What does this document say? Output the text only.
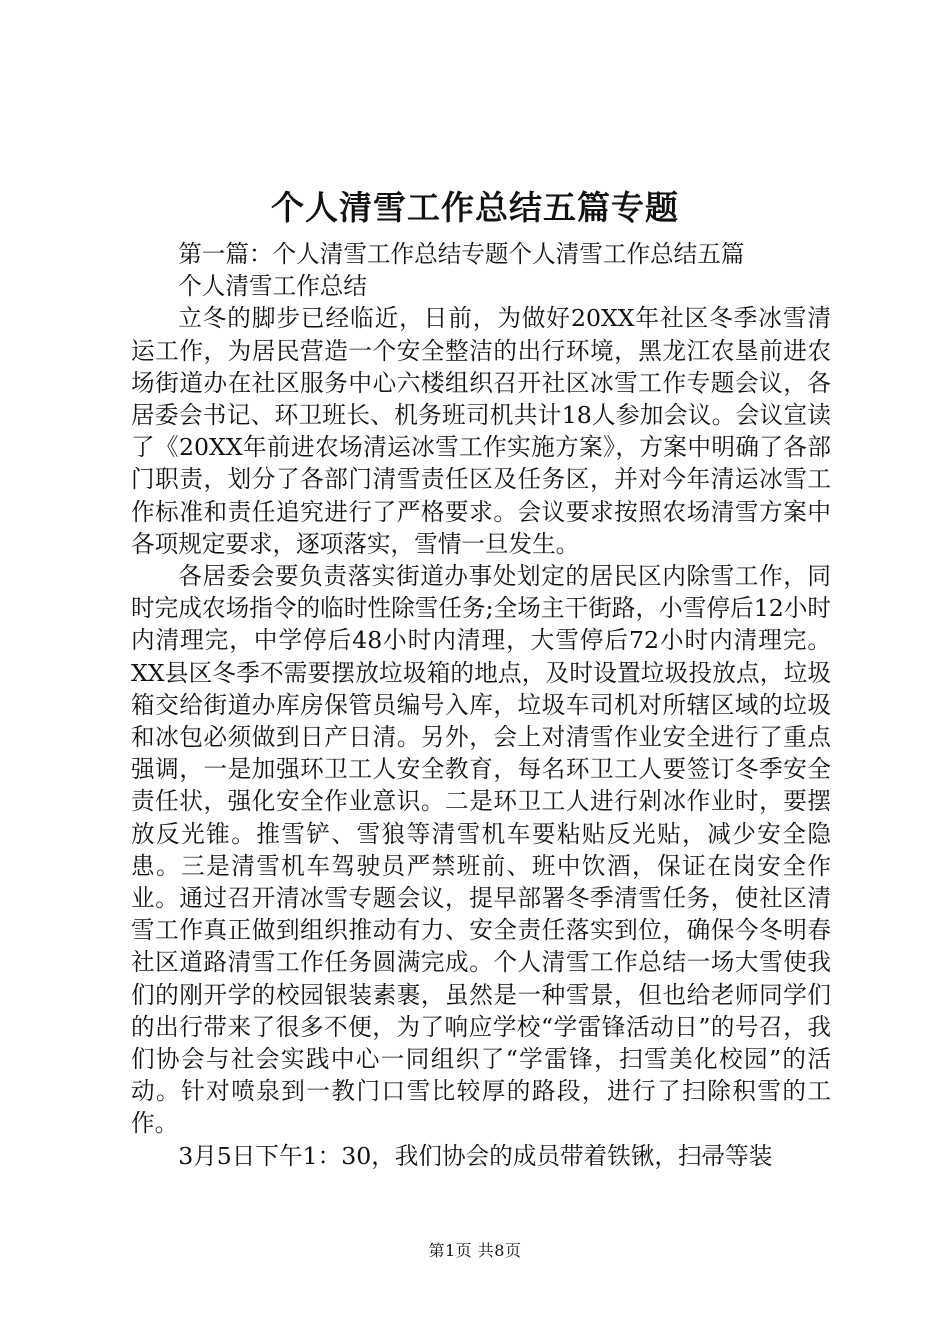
个人清雪工作总结五篇专题

第一篇：个人清雪工作总结专题个人清雪工作总结五篇

个人清雪工作总结

立冬的脚步已经临近，日前，为做好20XX年社区冬季冰雪清运工作，为居民营造一个安全整洁的出行环境，黑龙江农垦前进农场街道办在社区服务中心六楼组织召开社区冰雪工作专题会议，各居委会书记、环卫班长、机务班司机共计18人参加会议。会议宣读了《20XX年前进农场清运冰雪工作实施方案》，方案中明确了各部门职责，划分了各部门清雪责任区及任务区，并对今年清运冰雪工作标准和责任追究进行了严格要求。会议要求按照农场清雪方案中各项规定要求，逐项落实，雪情一旦发生。

各居委会要负责落实街道办事处划定的居民区内除雪工作，同时完成农场指令的临时性除雪任务;全场主干街路，小雪停后12小时内清理完，中学停后48小时内清理，大雪停后72小时内清理完。XX县区冬季不需要摆放垃圾箱的地点，及时设置垃圾投放点，垃圾箱交给街道办库房保管员编号入库，垃圾车司机对所辖区域的垃圾和冰包必须做到日产日清。另外，会上对清雪作业安全进行了重点强调，一是加强环卫工人安全教育，每名环卫工人要签订冬季安全责任状，强化安全作业意识。二是环卫工人进行剁冰作业时，要摆放反光锥。推雪铲、雪狼等清雪机车要粘贴反光贴，减少安全隐患。三是清雪机车驾驶员严禁班前、班中饮酒，保证在岗安全作业。通过召开清冰雪专题会议，提早部署冬季清雪任务，使社区清雪工作真正做到组织推动有力、安全责任落实到位，确保今冬明春社区道路清雪工作任务圆满完成。个人清雪工作总结一场大雪使我们的刚开学的校园银装素裹，虽然是一种雪景，但也给老师同学们的出行带来了很多不便，为了响应学校“学雷锋活动日”的号召，我们协会与社会实践中心一同组织了“学雷锋，扫雪美化校园”的活动。针对喷泉到一教门口雪比较厚的路段，进行了扫除积雪的工作。

3月5日下午1：30，我们协会的成员带着铁锹，扫帚等装

第1页 共8页
